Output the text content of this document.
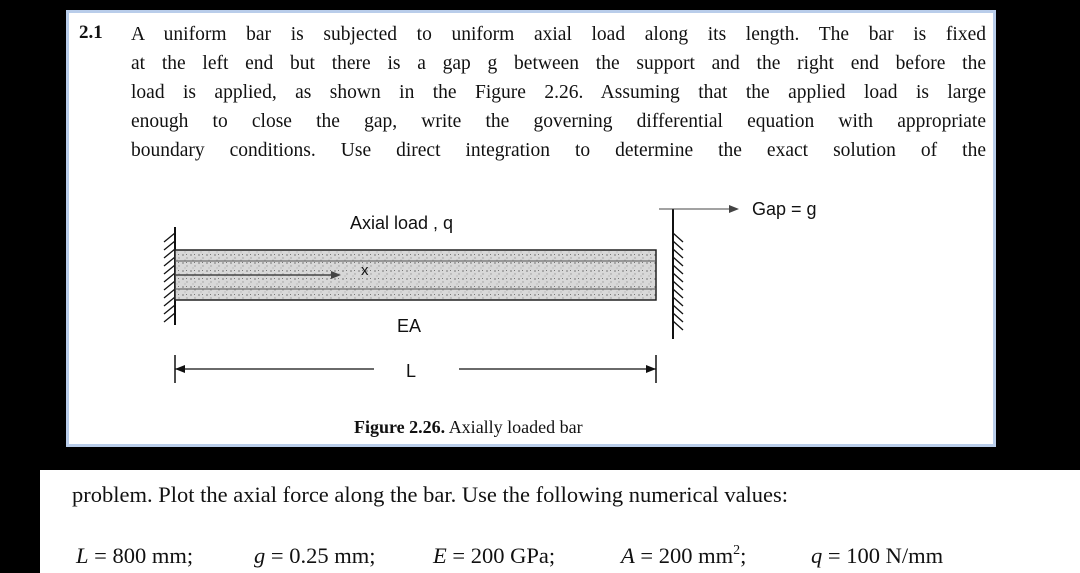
2.1 A uniform bar is subjected to uniform axial load along its length. The bar is fixed
at the left end but there is a gap g between the support and the right end before the
load is applied, as shown in the Figure 2.26. Assuming that the applied load is large
enough to close the gap, write the governing differential equation with appropriate
boundary conditions. Use direct integration to determine the exact solution of the

Axial load , q
x
EA
L
Gap = g
Figure 2.26. Axially loaded bar
problem. Plot the axial force along the bar. Use the following numerical values:
L = 800 mm;	g = 0.25 mm;	E = 200 GPa;	A = 200 $mm^2$;	q = 100 N/mm
